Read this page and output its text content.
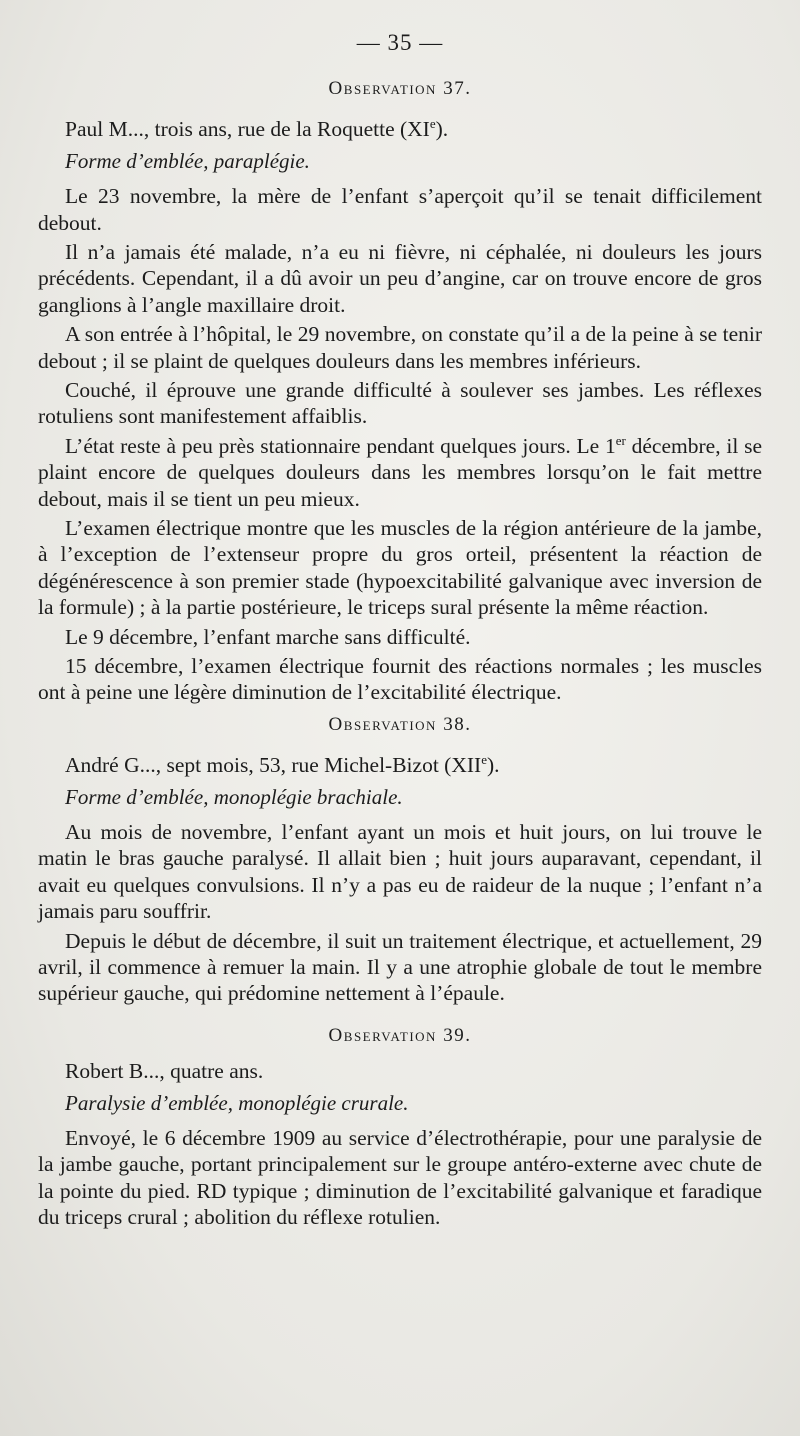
— 35 —
Observation 37.

Paul M..., trois ans, rue de la Roquette (XIe).

Forme d’emblée, paraplégie.

Le 23 novembre, la mère de l’enfant s’aperçoit qu’il se tenait difficilement debout.

Il n’a jamais été malade, n’a eu ni fièvre, ni céphalée, ni douleurs les jours précédents. Cependant, il a dû avoir un peu d’angine, car on trouve encore de gros ganglions à l’angle maxillaire droit.

A son entrée à l’hôpital, le 29 novembre, on constate qu’il a de la peine à se tenir debout ; il se plaint de quelques douleurs dans les membres inférieurs.

Couché, il éprouve une grande difficulté à soulever ses jambes. Les réflexes rotuliens sont manifestement affaiblis.

L’état reste à peu près stationnaire pendant quelques jours. Le 1er décembre, il se plaint encore de quelques douleurs dans les membres lorsqu’on le fait mettre debout, mais il se tient un peu mieux.

L’examen électrique montre que les muscles de la région antérieure de la jambe, à l’exception de l’extenseur propre du gros orteil, présentent la réaction de dégénérescence à son premier stade (hypoexcitabilité galvanique avec inversion de la formule) ; à la partie postérieure, le triceps sural présente la même réaction.

Le 9 décembre, l’enfant marche sans difficulté.

15 décembre, l’examen électrique fournit des réactions normales ; les muscles ont à peine une légère diminution de l’excitabilité électrique.

Observation 38.

André G..., sept mois, 53, rue Michel-Bizot (XIIe).

Forme d’emblée, monoplégie brachiale.

Au mois de novembre, l’enfant ayant un mois et huit jours, on lui trouve le matin le bras gauche paralysé. Il allait bien ; huit jours auparavant, cependant, il avait eu quelques convulsions. Il n’y a pas eu de raideur de la nuque ; l’enfant n’a jamais paru souffrir.

Depuis le début de décembre, il suit un traitement électrique, et actuellement, 29 avril, il commence à remuer la main. Il y a une atrophie globale de tout le membre supérieur gauche, qui prédomine nettement à l’épaule.

Observation 39.

Robert B..., quatre ans.

Paralysie d’emblée, monoplégie crurale.

Envoyé, le 6 décembre 1909 au service d’électrothérapie, pour une paralysie de la jambe gauche, portant principalement sur le groupe antéro-externe avec chute de la pointe du pied. RD typique ; diminution de l’excitabilité galvanique et faradique du triceps crural ; abolition du réflexe rotulien.
